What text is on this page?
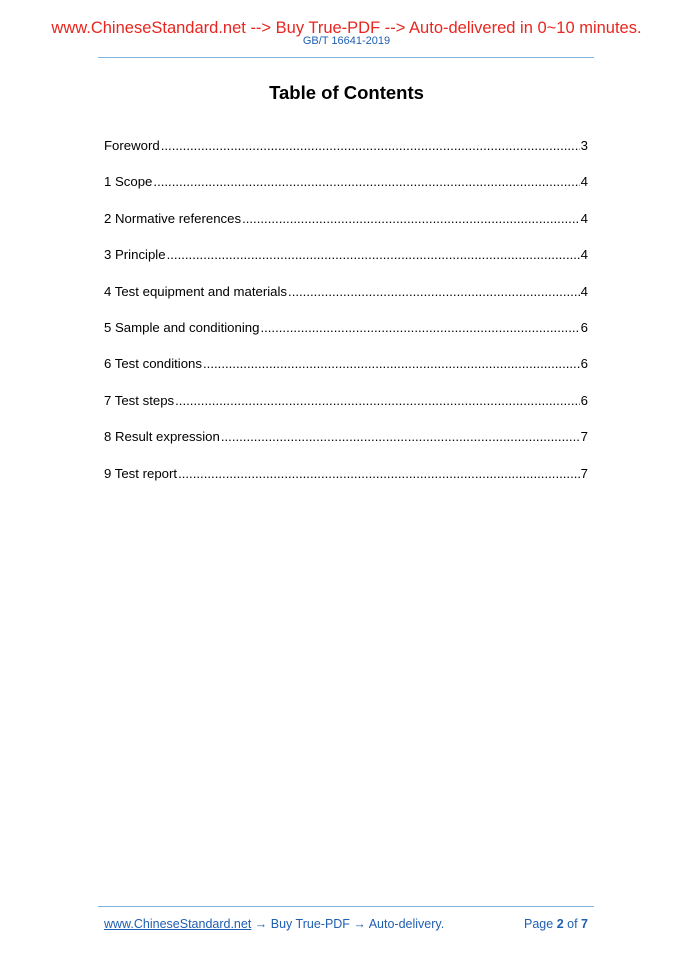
www.ChineseStandard.net --> Buy True-PDF --> Auto-delivered in 0~10 minutes.
GB/T 16641-2019
Table of Contents
Foreword .....	3
1 Scope .....	4
2 Normative references .....	4
3 Principle .....	4
4 Test equipment and materials .....	4
5 Sample and conditioning .....	6
6 Test conditions .....	6
7 Test steps .....	6
8 Result expression .....	7
9 Test report .....	7
www.ChineseStandard.net → Buy True-PDF → Auto-delivery.	Page 2 of 7
